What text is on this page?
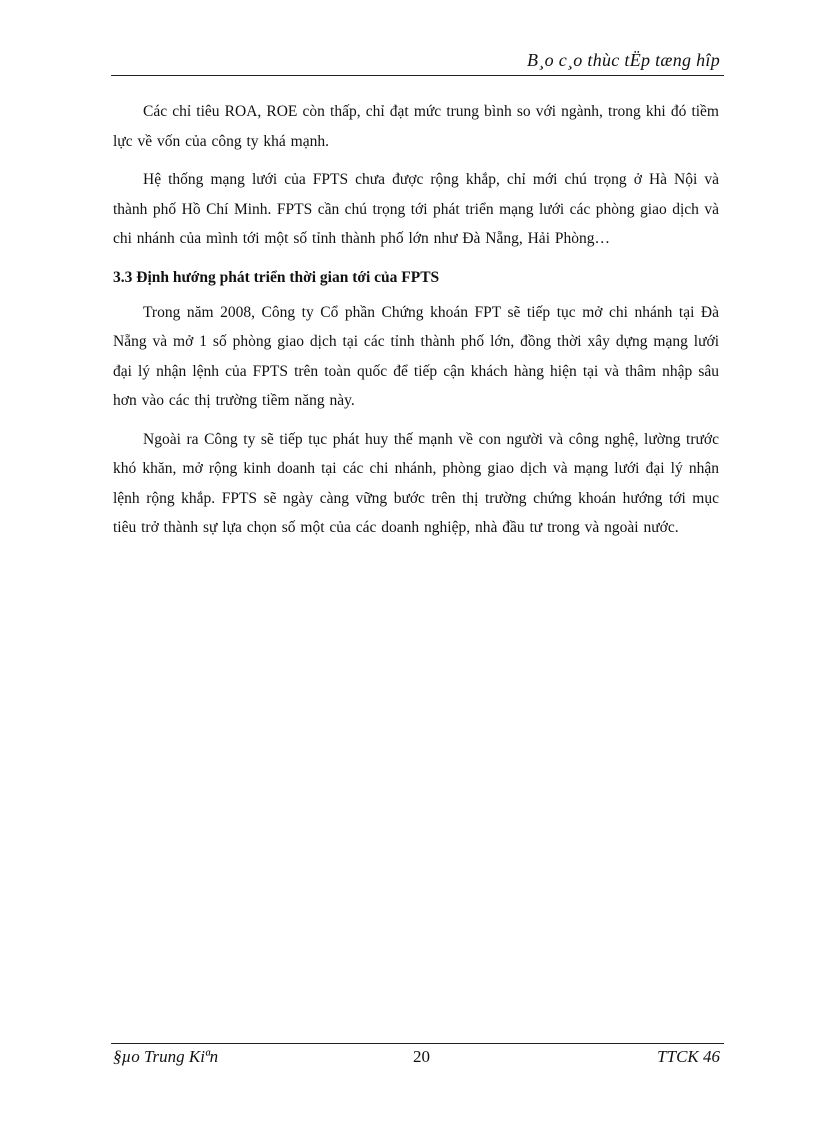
B¸o c¸o thùc tËp tæng hîp

Các chỉ tiêu ROA, ROE còn thấp, chỉ đạt mức trung bình so với ngành, trong khi đó tiềm lực về vốn của công ty khá mạnh.

Hệ thống mạng lưới của FPTS chưa được rộng khắp, chỉ mới chú trọng ở Hà Nội và thành phố Hồ Chí Minh. FPTS cần chú trọng tới phát triển mạng lưới các phòng giao dịch và chi nhánh của mình tới một số tỉnh thành phố lớn như Đà Nẵng, Hải Phòng…

3.3 Định hướng phát triển thời gian tới của FPTS

Trong năm 2008, Công ty Cổ phần Chứng khoán FPT sẽ tiếp tục mở chi nhánh tại Đà Nẵng và mở 1 số phòng giao dịch tại các tỉnh thành phố lớn, đồng thời xây dựng mạng lưới đại lý nhận lệnh của FPTS trên toàn quốc để tiếp cận khách hàng hiện tại và thâm nhập sâu hơn vào các thị trường tiềm năng này.

Ngoài ra Công ty sẽ tiếp tục phát huy thế mạnh về con người và công nghệ, lường trước khó khăn, mở rộng kinh doanh tại các chi nhánh, phòng giao dịch và mạng lưới đại lý nhận lệnh rộng khắp. FPTS sẽ ngày càng vững bước trên thị trường chứng khoán hướng tới mục tiêu trở thành sự lựa chọn số một của các doanh nghiệp, nhà đầu tư trong và ngoài nước.

§µo Trung Kiªn	20	TTCK 46
